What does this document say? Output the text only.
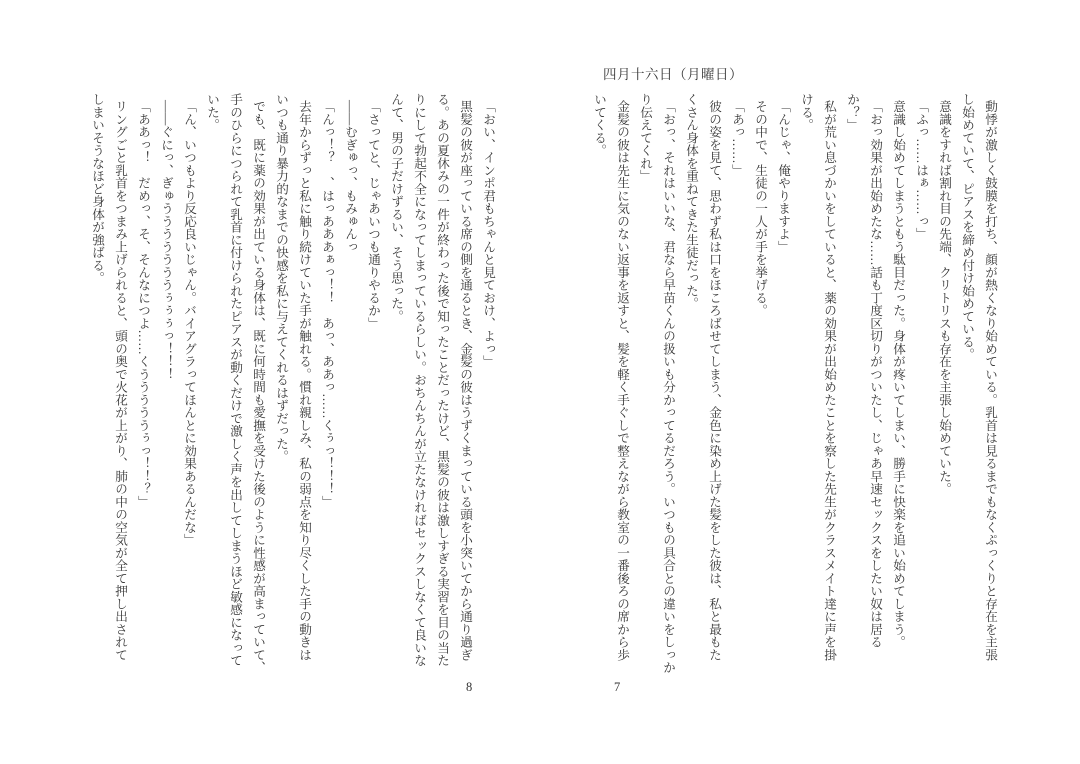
四月十六日（月曜日）

動悸が激しく鼓膜を打ち、顔が熱くなり始めている。乳首は見るまでもなくぷっくりと存在を主張

し始めていて、ピアスを締め付け始めている。

意識をすれば割れ目の先端、クリトリスも存在を主張し始めていた。

「ふっ……はぁ……っ」

意識し始めてしまうともう駄目だった。身体が疼いてしまい、勝手に快楽を追い始めてしまう。

「おっ効果が出始めたな……話も丁度区切りがついたし、じゃあ早速セックスをしたい奴は居る

か？」

私が荒い息づかいをしていると、薬の効果が出始めたことを察した先生がクラスメイト達に声を掛

ける。

「んじゃ、俺やりますよ」

その中で、生徒の一人が手を挙げる。

「あっ……」

彼の姿を見て、思わず私は口をほころばせてしまう、金色に染め上げた髪をした彼は、私と最もた

くさん身体を重ねてきた生徒だった。

「おっ、それはいいな、君なら早苗くんの扱いも分かってるだろう。いつもの具合との違いをしっか

り伝えてくれ」

金髪の彼は先生に気のない返事を返すと、髪を軽く手ぐしで整えながら教室の一番後ろの席から歩

いてくる。

「おい、インポ君もちゃんと見ておけ、よっ」

黒髪の彼が座っている席の側を通るとき、金髪の彼はうずくまっている頭を小突いてから通り過ぎ

る。あの夏休みの一件が終わった後で知ったことだったけど、黒髪の彼は激しすぎる実習を目の当た

りにして勃起不全になってしまっているらしい。おちんちんが立たなければセックスしなくて良いな

んて、男の子だけずるい、そう思った。

「さってと、じゃあいつも通りやるか」

――むぎゅっ、もみゅんっ

「んっ！？　、はっあああぁっ！！　あっ、ああっ……くぅっ！！！」

去年からずっと私に触り続けていた手が触れる。慣れ親しみ、私の弱点を知り尽くした手の動きは

いつも通り暴力的なまでの快感を私に与えてくれるはずだった。

でも、既に薬の効果が出ている身体は、既に何時間も愛撫を受けた後のように性感が高まっていて、

手のひらにつられて乳首に付けられたピアスが動くだけで激しく声を出してしまうほど敏感になって

いた。

「ん、いつもより反応良いじゃん。バイアグラってほんとに効果あるんだな」

――ぐにっ、ぎゅうううううううぅぅぅっ！！！

「ああっ！　だめっ、そ、そんなにつよ……くうううううぅっ！！？」

リングごと乳首をつまみ上げられると、頭の奥で火花が上がり、肺の中の空気が全て押し出されて

しまいそうなほど身体が強ばる。

7
8
